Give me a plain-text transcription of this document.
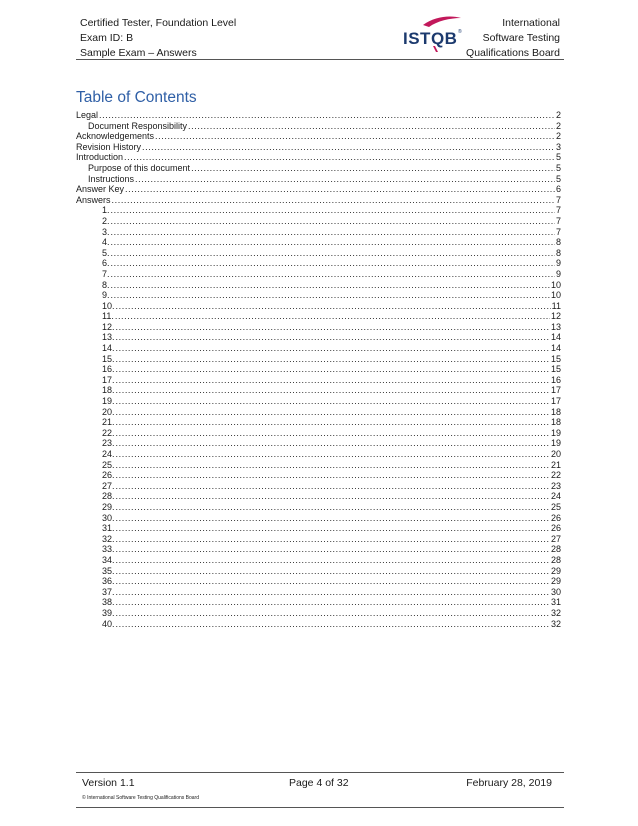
Certified Tester, Foundation Level
Exam ID: B
Sample Exam – Answers
ISTQB ®
International
Software Testing
Qualifications Board
Table of Contents
Legal .....	2
Document Responsibility .....	2
Acknowledgements .....	2
Revision History .....	3
Introduction .....	5
Purpose of this document .....	5
Instructions .....	5
Answer Key .....	6
Answers .....	7
1. .....	7
2. .....	7
3. .....	7
4. .....	8
5. .....	8
6. .....	9
7. .....	9
8. .....	10
9. .....	10
10. .....	11
11. .....	12
12. .....	13
13. .....	14
14. .....	14
15. .....	15
16. .....	15
17. .....	16
18. .....	17
19. .....	17
20. .....	18
21. .....	18
22. .....	19
23. .....	19
24. .....	20
25. .....	21
26. .....	22
27. .....	23
28. .....	24
29. .....	25
30. .....	26
31. .....	26
32. .....	27
33. .....	28
34. .....	28
35. .....	29
36. .....	29
37. .....	30
38. .....	31
39. .....	32
40. .....	32
Version 1.1	Page 4 of 32	February 28, 2019
© International Software Testing Qualifications Board
